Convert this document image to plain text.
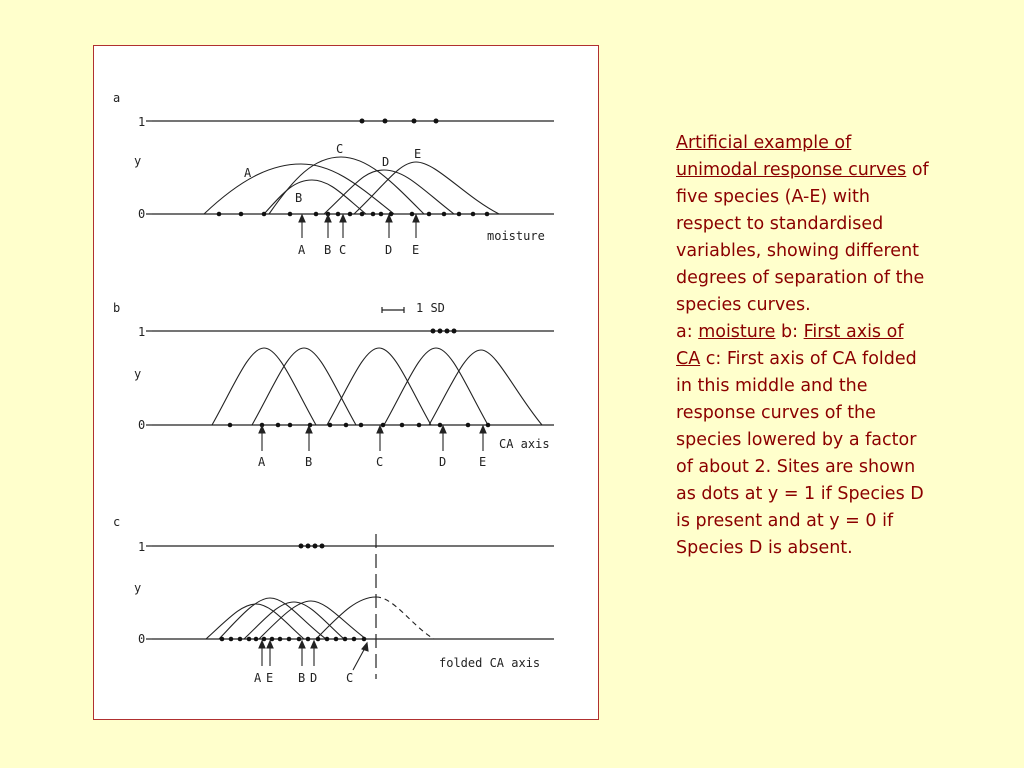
a
y
1
0
A
B
C
D
E
A B C	D E
moisture
b	1 SD
y
1
0
A	B	C	D	E
CA axis
c
y
1
0
A E B D C
folded CA axis
Artificial example of unimodal response curves of five species (A-E) with respect to standardised variables, showing different degrees of separation of the species curves.
a: moisture b: First axis of CA c: First axis of CA folded in this middle and the response curves of the species lowered by a factor of about 2. Sites are shown as dots at y = 1 if Species D is present and at y = 0 if Species D is absent.
